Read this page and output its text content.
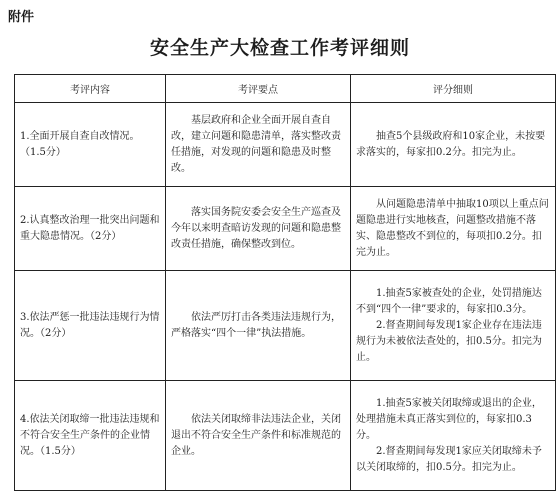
附件
安全生产大检查工作考评细则
考评内容	考评要点	评分细则
1.全面开展自查自改情况。（1.5分）	基层政府和企业全面开展自查自改，建立问题和隐患清单，落实整改责任措施，对发现的问题和隐患及时整改。	抽查5个县级政府和10家企业，未按要求落实的，每家扣0.2分。扣完为止。

2.认真整改治理一批突出问题和重大隐患情况。（2分）	落实国务院安委会安全生产巡查及今年以来明查暗访发现的问题和隐患整改责任措施，确保整改到位。	从问题隐患清单中抽取10项以上重点问题隐患进行实地核查，问题整改措施不落实、隐患整改不到位的，每项扣0.2分。扣完为止。

3.依法严惩一批违法违规行为情况。（2分）	依法严厉打击各类违法违规行为，严格落实“四个一律”执法措施。	1.抽查5家被查处的企业，处罚措施达不到“四个一律”要求的，每家扣0.3分。
2.督查期间每发现1家企业存在违法违规行为未被依法查处的，扣0.5分。扣完为止。

4.依法关闭取缔一批违法违规和不符合安全生产条件的企业情况。（1.5分）	依法关闭取缔非法违法企业，关闭退出不符合安全生产条件和标准规范的企业。	1.抽查5家被关闭取缔或退出的企业，处理措施未真正落实到位的，每家扣0.3分。
2.督查期间每发现1家应关闭取缔未予以关闭取缔的，扣0.5分。扣完为止。
